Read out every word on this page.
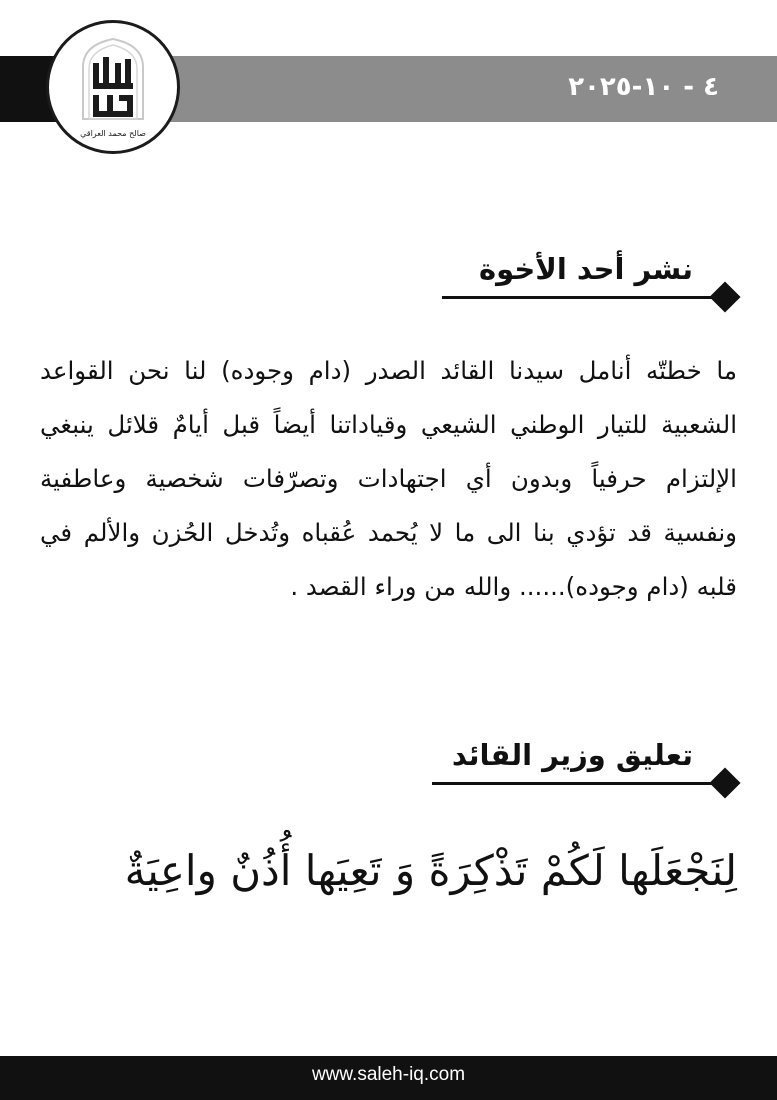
٤ - ١٠-٢٠٢٥
صالح محمد العراقي
نشر أحد الأخوة
ما خطتّه أنامل سيدنا القائد الصدر (دام وجوده) لنا نحن القواعد الشعبية للتيار الوطني الشيعي وقياداتنا أيضاً قبل أيامٌ قلائل ينبغي الإلتزام حرفياً وبدون أي اجتهادات وتصرّفات شخصية وعاطفية ونفسية قد تؤدي بنا الى ما لا يُحمد عُقباه وتُدخل الحُزن والألم في قلبه (دام وجوده)...... والله من وراء القصد .
تعليق وزير القائد
لِنَجْعَلَها لَكُمْ تَذْكِرَةً وَ تَعِيَها أُذُنٌ واعِيَةٌ
www.saleh-iq.com
